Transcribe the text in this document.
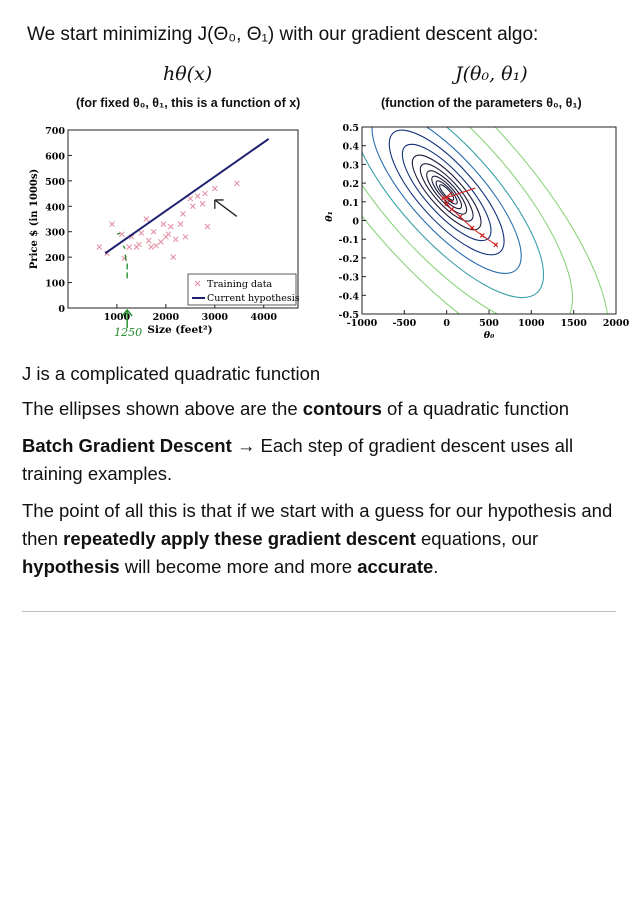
We start minimizing J(Θ₀, Θ₁) with our gradient descent algo:
hθ(x)
(for fixed θ₀, θ₁, this is a function of x)
J(θ₀, θ₁)
(function of the parameters θ₀, θ₁)
0
100
200
300
400
500
600
700
1000 2000 3000 4000
Size (feet²)
Price $ (in 1000s)
1250
Training data
Current hypothesis
0.5
0.4
0.3
0.2
0.1
0
-0.1
-0.2
-0.3
-0.4
-0.5
-1000 -500	0	500 1000 1500 2000
θ₀
θ₁
J is a complicated quadratic function
The ellipses shown above are the contours of a quadratic function
Batch Gradient Descent → Each step of gradient descent uses all training examples.
The point of all this is that if we start with a guess for our hypothesis and then repeatedly apply these gradient descent equations, our hypothesis will become more and more accurate.
